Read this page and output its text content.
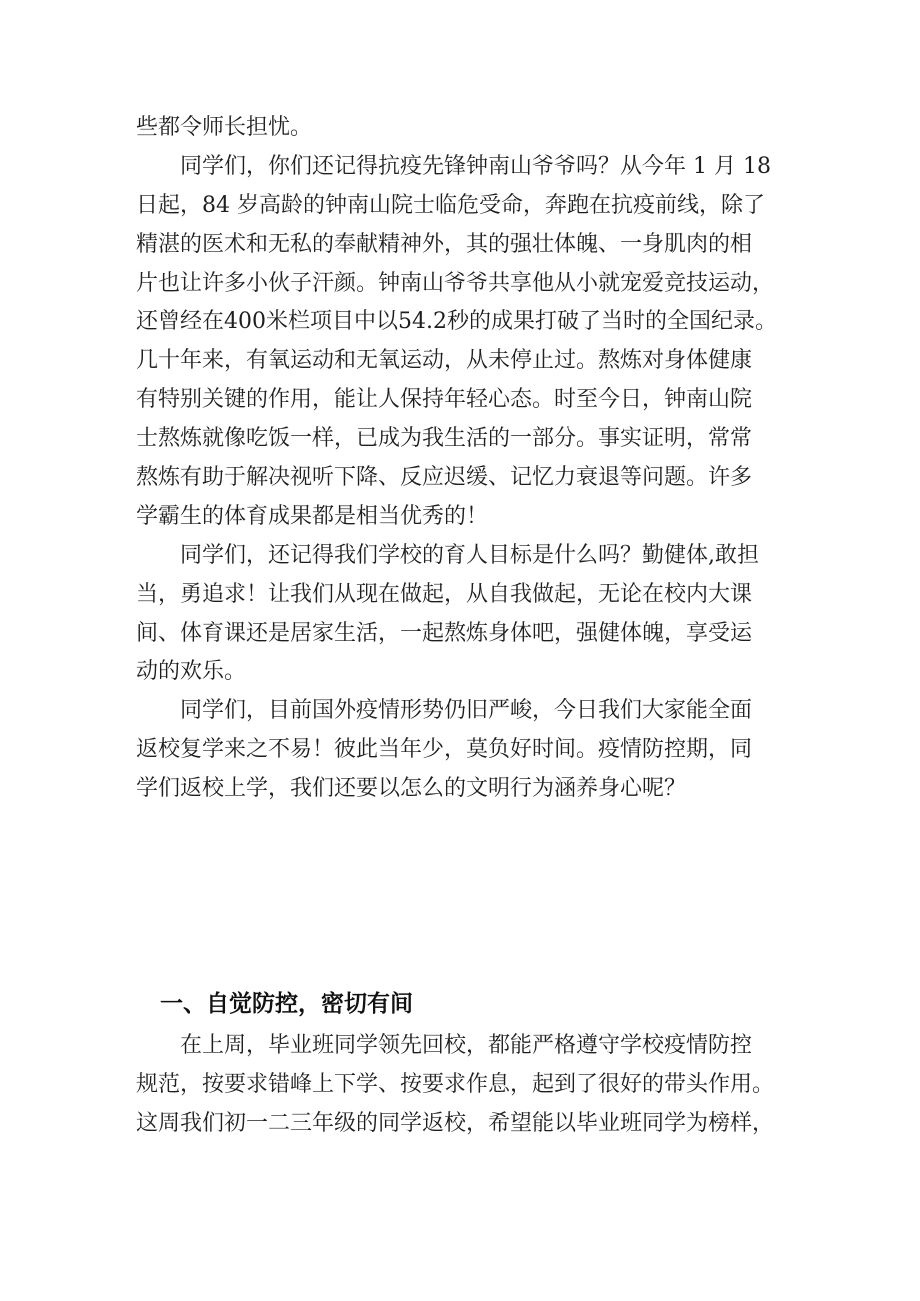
些都令师长担忧。
　　同学们，你们还记得抗疫先锋钟南山爷爷吗？从今年 1 月 18
日起，84 岁高龄的钟南山院士临危受命，奔跑在抗疫前线，除了
精湛的医术和无私的奉献精神外，其的强壮体魄、一身肌肉的相
片也让许多小伙子汗颜。钟南山爷爷共享他从小就宠爱竞技运动，
还曾经在400米栏项目中以54.2秒的成果打破了当时的全国纪录。
几十年来，有氧运动和无氧运动，从未停止过。熬炼对身体健康
有特别关键的作用，能让人保持年轻心态。时至今日，钟南山院
士熬炼就像吃饭一样，已成为我生活的一部分。事实证明，常常
熬炼有助于解决视听下降、反应迟缓、记忆力衰退等问题。许多
学霸生的体育成果都是相当优秀的！
　　同学们，还记得我们学校的育人目标是什么吗？勤健体,敢担
当，勇追求！让我们从现在做起，从自我做起，无论在校内大课
间、体育课还是居家生活，一起熬炼身体吧，强健体魄，享受运
动的欢乐。
　　同学们，目前国外疫情形势仍旧严峻，今日我们大家能全面
返校复学来之不易！彼此当年少，莫负好时间。疫情防控期，同
学们返校上学，我们还要以怎么的文明行为涵养身心呢？
一、自觉防控，密切有间
　　在上周，毕业班同学领先回校，都能严格遵守学校疫情防控
规范，按要求错峰上下学、按要求作息，起到了很好的带头作用。
这周我们初一二三年级的同学返校，希望能以毕业班同学为榜样，
